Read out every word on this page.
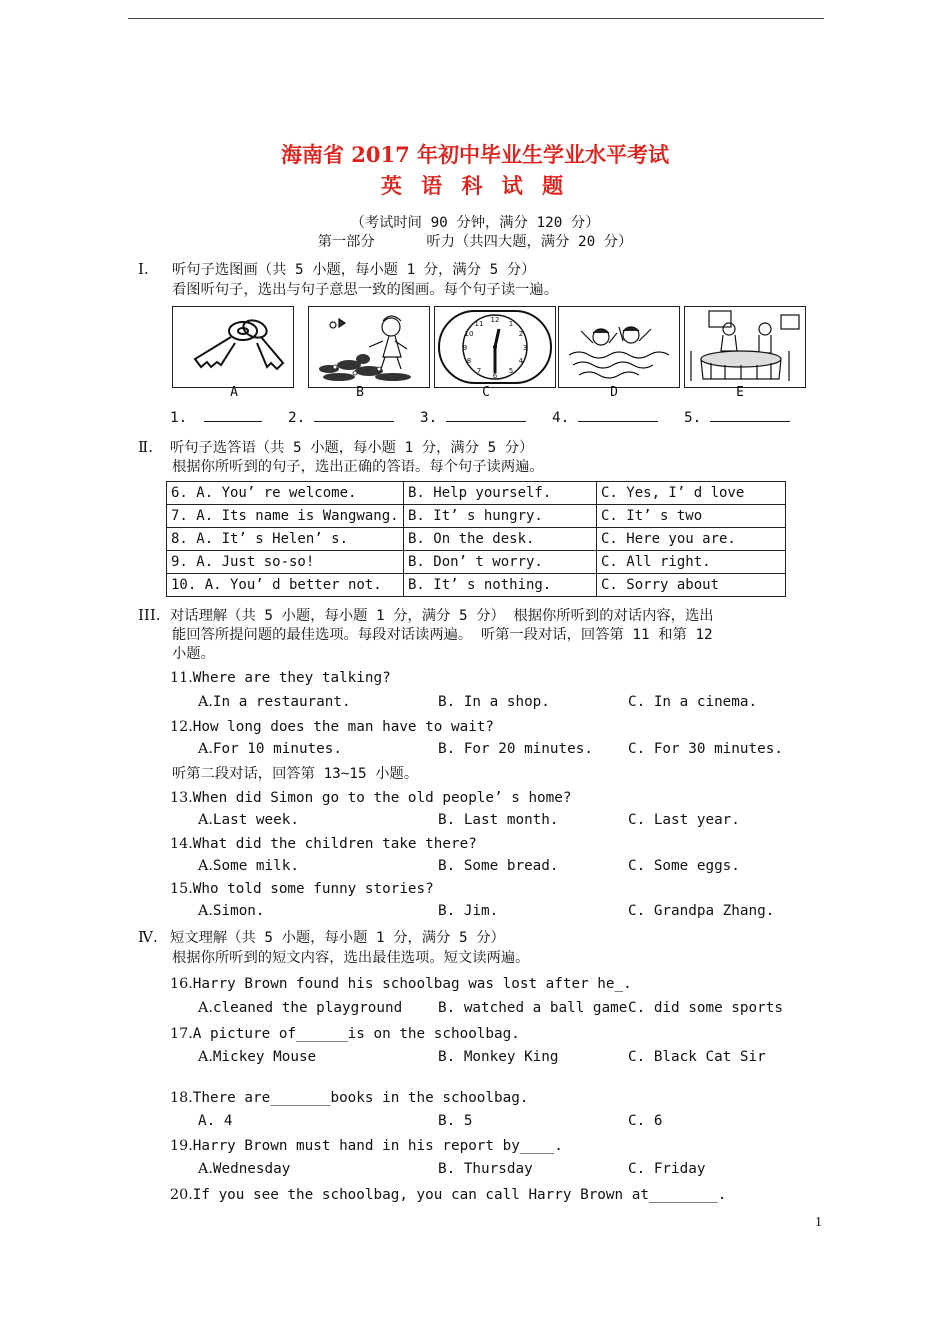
海南省 2017 年初中毕业生学业水平考试
英 语 科 试 题
（考试时间 90 分钟，满分 120 分）
第一部分      听力（共四大题，满分 20 分）
Ⅰ. 听句子选图画（共 5 小题，每小题 1 分，满分 5 分）
看图听句子，选出与句子意思一致的图画。每个句子读一遍。
12 1
2
3
4
5
6
7
8
9
10
11
A	B	C	D	E
1.	2.	3.	4.	5.
Ⅱ. 听句子选答语（共 5 小题，每小题 1 分，满分 5 分）
根据你所听到的句子，选出正确的答语。每个句子读两遍。
6. A. You’ re welcome.	B. Help yourself.	C. Yes, I’ d love
7. A. Its name is Wangwang.	B. It’ s hungry.	C. It’ s two
8. A. It’ s Helen’ s.	B. On the desk.	C. Here you are.
9. A. Just so-so!	B. Don’ t worry.	C. All right.
10. A. You’ d better not.	B. It’ s nothing.	C. Sorry about
III. 对话理解（共 5 小题，每小题 1 分，满分 5 分） 根据你所听到的对话内容，选出
能回答所提问题的最佳选项。每段对话读两遍。 听第一段对话，回答第 11 和第 12
小题。
11.Where are they talking?
A.In a restaurant.	B. In a shop.	C. In a cinema.
12.How long does the man have to wait?
A.For 10 minutes.	B. For 20 minutes. C. For 30 minutes.
听第二段对话，回答第 13~15 小题。
13.When did Simon go to the old people’ s home?
A.Last week.	B. Last month.	C. Last year.
14.What did the children take there?
A.Some milk.	B. Some bread.	C. Some eggs.
15.Who told some funny stories?
A.Simon.	B. Jim.	C. Grandpa Zhang.
Ⅳ. 短文理解（共 5 小题，每小题 1 分，满分 5 分）
根据你所听到的短文内容，选出最佳选项。短文读两遍。
16.Harry Brown found his schoolbag was lost after he_.
A.cleaned the playground	B. watched a ball game C. did some sports
17.A picture of______is on the schoolbag.
A.Mickey Mouse	B. Monkey King	C. Black Cat Sir
18.There are_______books in the schoolbag.
A. 4	B. 5	C. 6
19.Harry Brown must hand in his report by____.
A.Wednesday	B. Thursday	C. Friday
20.If you see the schoolbag, you can call Harry Brown at________.
1
